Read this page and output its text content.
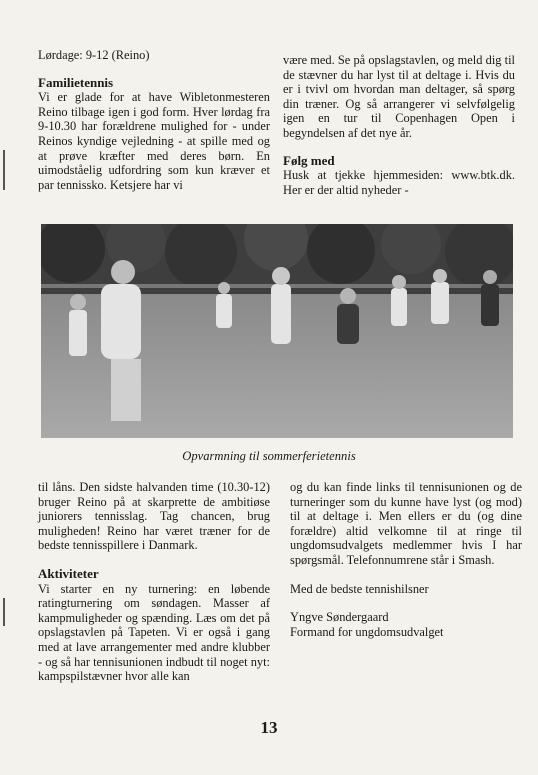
Lørdage: 9-12 (Reino)

Familietennis

Vi er glade for at have Wibletonmesteren Reino tilbage igen i god form. Hver lørdag fra 9-10.30 har forældrene mulighed for - under Reinos kyndige vejledning - at spille med og at prøve kræfter med deres børn. En uimodståelig udfordring som kun kræver et par tennissko. Ketsjere har vi

være med. Se på opslagstavlen, og meld dig til de stævner du har lyst til at deltage i. Hvis du er i tvivl om hvordan man deltager, så spørg din træner. Og så arrangerer vi selvfølgelig igen en tur til Copenhagen Open i begyndelsen af det nye år.

Følg med

Husk at tjekke hjemmesiden: www.btk.dk. Her er der altid nyheder -

Opvarmning til sommerferietennis

til låns. Den sidste halvanden time (10.30-12) bruger Reino på at skarprette de ambitiøse juniorers tennisslag. Tag chancen, brug muligheden! Reino har været træner for de bedste tennisspillere i Danmark.

Aktiviteter

Vi starter en ny turnering: en løbende ratingturnering om søndagen. Masser af kampmuligheder og spænding. Læs om det på opslagstavlen på Tapeten. Vi er også i gang med at lave arrangementer med andre klubber - og så har tennisunionen indbudt til noget nyt: kampspilstævner hvor alle kan

og du kan finde links til tennisunionen og de turneringer som du kunne have lyst (og mod) til at deltage i. Men ellers er du (og dine forældre) altid velkomne til at ringe til ungdomsudvalgets medlemmer hvis I har spørgsmål. Telefonnumrene står i Smash.

Med de bedste tennishilsner

Yngve Søndergaard

Formand for ungdomsudvalget

13
